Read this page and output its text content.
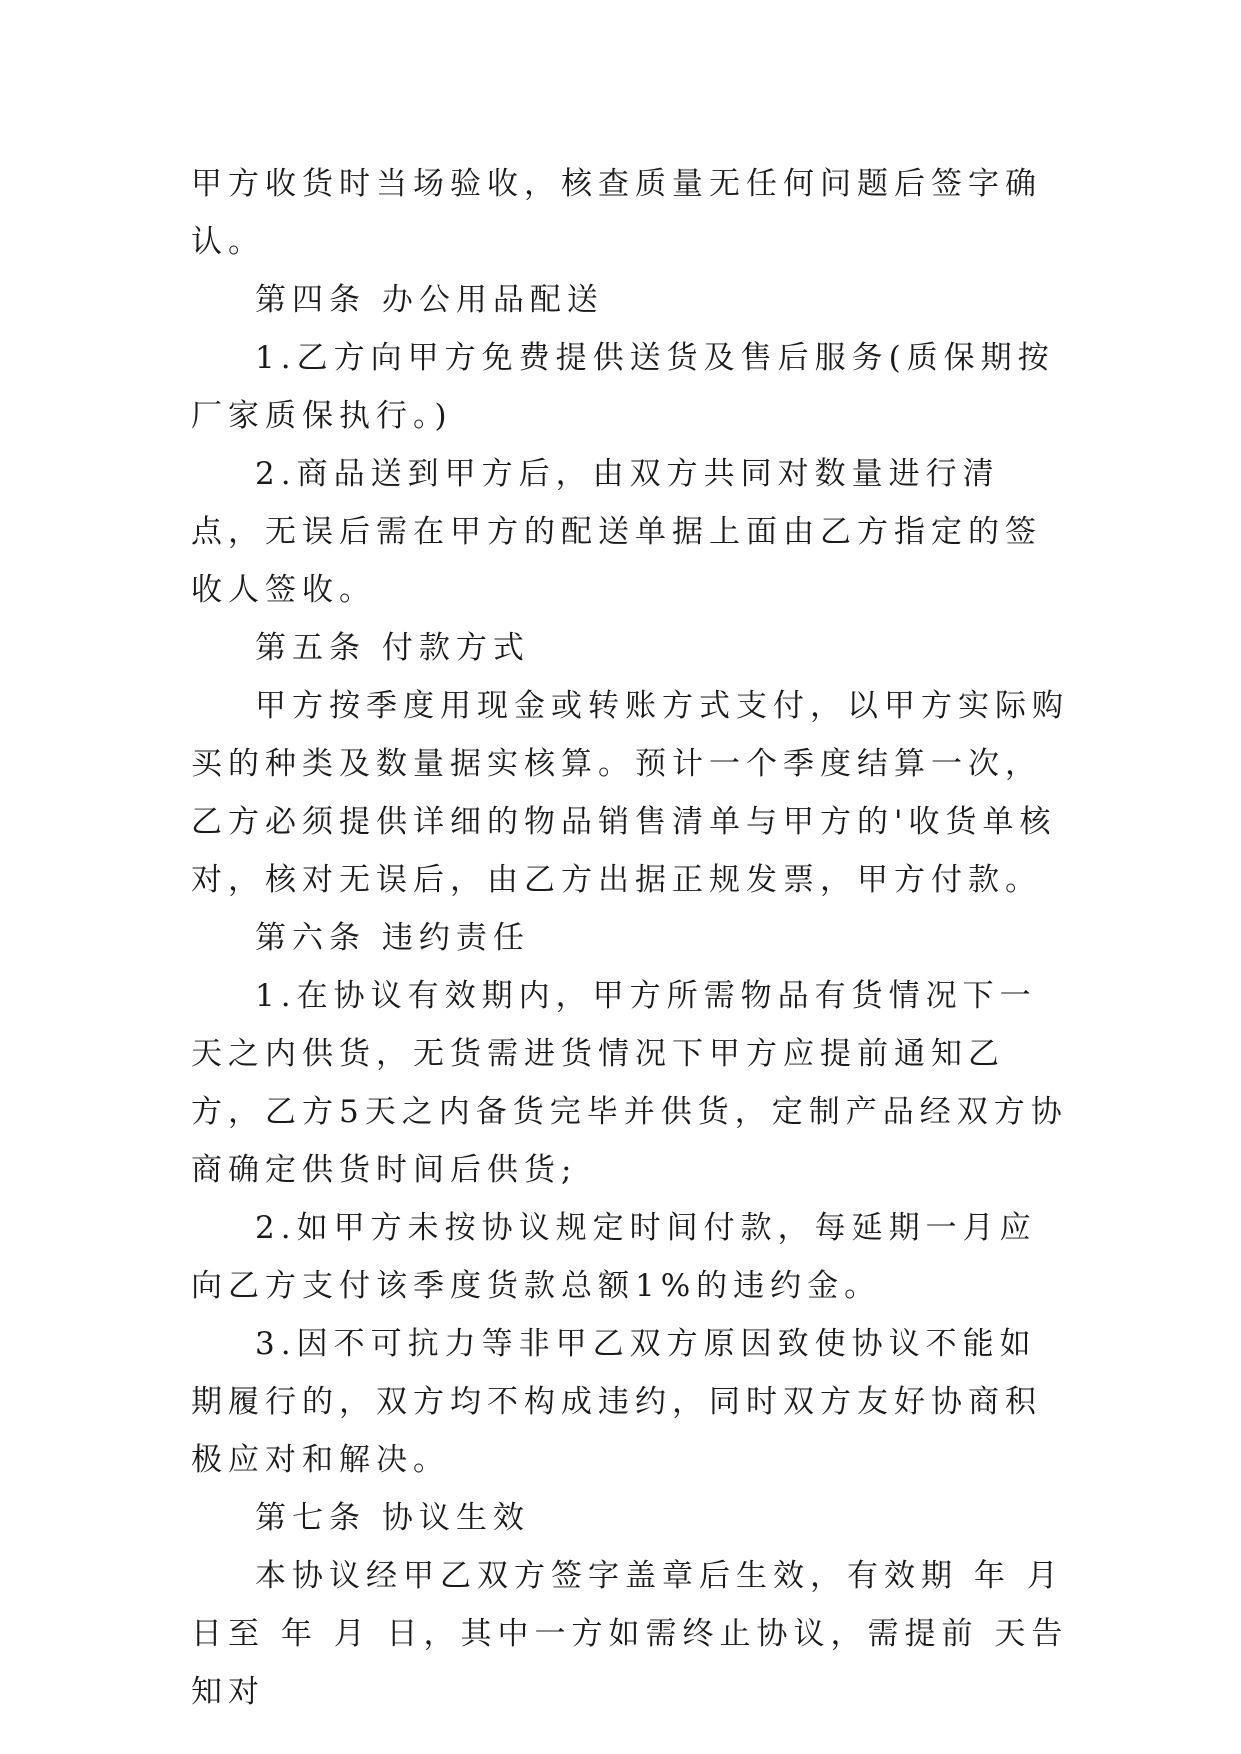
甲方收货时当场验收，核查质量无任何问题后签字确认。

第四条 办公用品配送

1.乙方向甲方免费提供送货及售后服务(质保期按厂家质保执行。)

2.商品送到甲方后，由双方共同对数量进行清点，无误后需在甲方的配送单据上面由乙方指定的签收人签收。

第五条 付款方式

甲方按季度用现金或转账方式支付，以甲方实际购买的种类及数量据实核算。预计一个季度结算一次，乙方必须提供详细的物品销售清单与甲方的'收货单核对，核对无误后，由乙方出据正规发票，甲方付款。

第六条 违约责任

1.在协议有效期内，甲方所需物品有货情况下一天之内供货，无货需进货情况下甲方应提前通知乙方，乙方5天之内备货完毕并供货，定制产品经双方协商确定供货时间后供货;

2.如甲方未按协议规定时间付款，每延期一月应向乙方支付该季度货款总额1%的违约金。

3.因不可抗力等非甲乙双方原因致使协议不能如期履行的，双方均不构成违约，同时双方友好协商积极应对和解决。

第七条 协议生效

本协议经甲乙双方签字盖章后生效，有效期 年 月 日至 年 月 日，其中一方如需终止协议，需提前 天告知对
